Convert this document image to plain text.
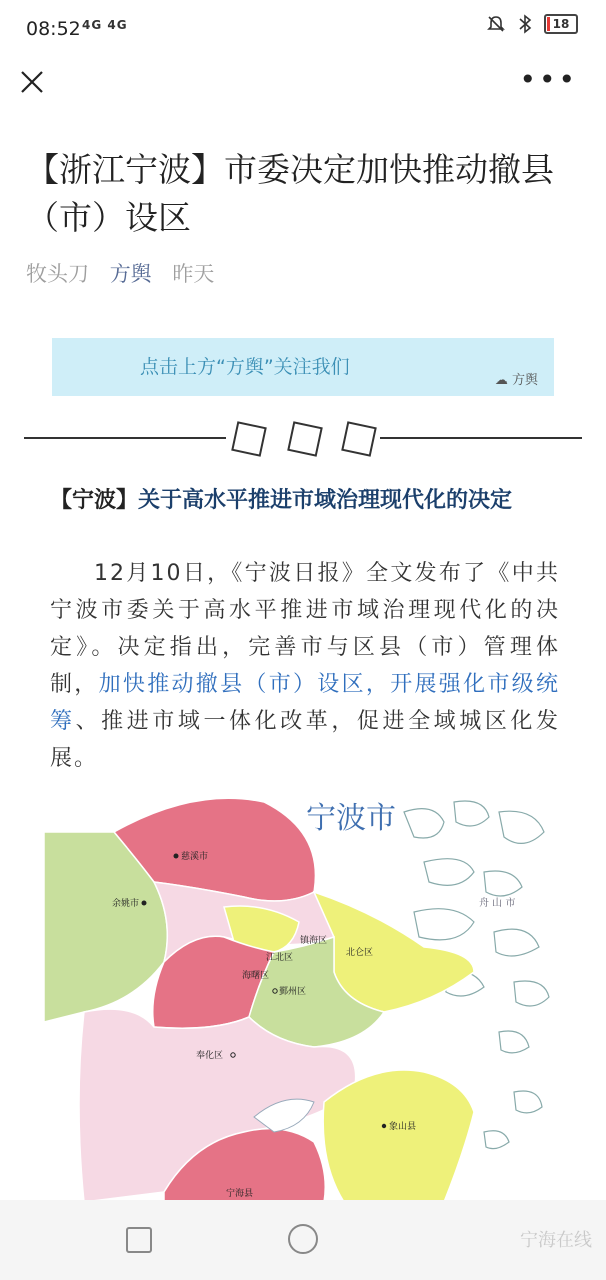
08:52 4G 4G	18
•••
【浙江宁波】市委决定加快推动撤县（市）设区
牧头刀 方舆 昨天
点击上方“方舆”关注我们
☁ 方舆
【宁波】关于高水平推进市域治理现代化的决定

12月10日，《宁波日报》全文发布了《中共宁波市委关于高水平推进市域治理现代化的决定》。决定指出，完善市与区县（市）管理体制，加快推动撤县（市）设区，开展强化市级统筹、推进市域一体化改革，促进全域城区化发展。

宁波市
慈溪市
余姚市
镇海区
江北区
海曙区
鄞州区
北仑区
奉化区
象山县
宁海县
舟 山 市
宁海在线
